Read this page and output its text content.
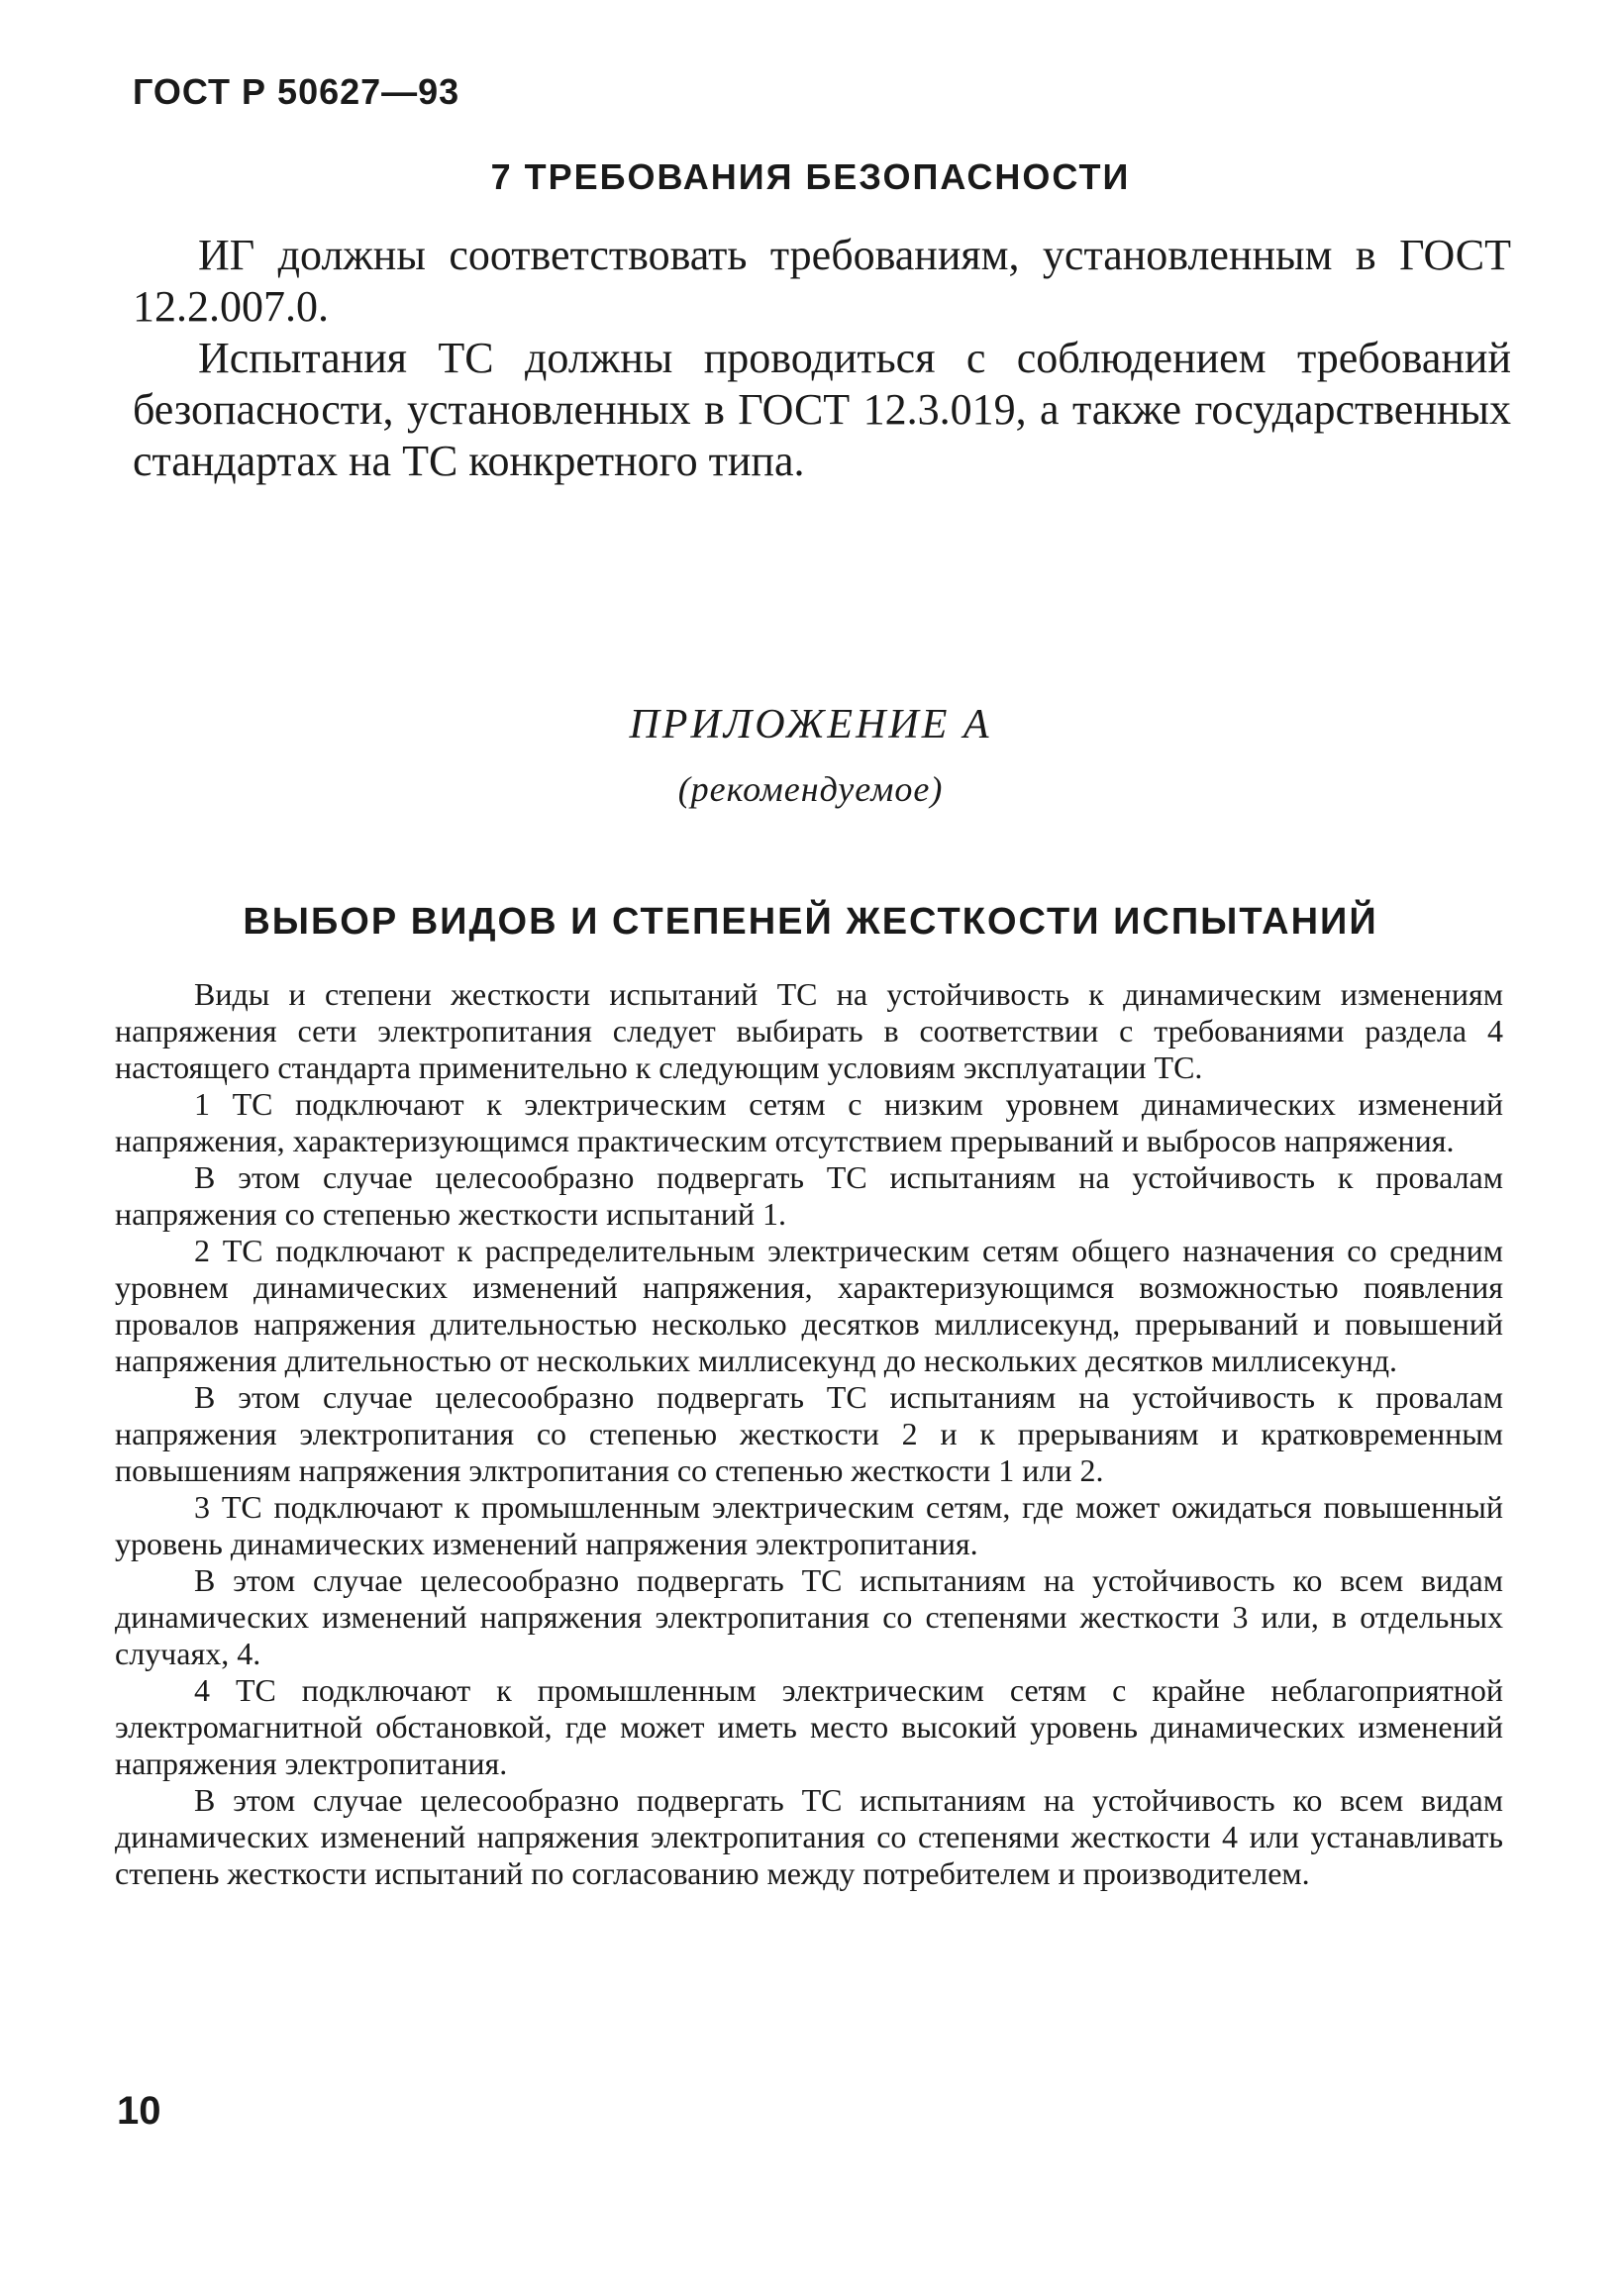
ГОСТ Р 50627—93
7 ТРЕБОВАНИЯ БЕЗОПАСНОСТИ

ИГ должны соответствовать требованиям, установленным в ГОСТ 12.2.007.0.

Испытания ТС должны проводиться с соблюдением требований безопасности, установленных в ГОСТ 12.3.019, а также государственных стандартах на ТС конкретного типа.

ПРИЛОЖЕНИЕ А
(рекомендуемое)
ВЫБОР ВИДОВ И СТЕПЕНЕЙ ЖЕСТКОСТИ ИСПЫТАНИЙ

Виды и степени жесткости испытаний ТС на устойчивость к динамическим изменениям напряжения сети электропитания следует выбирать в соответствии с требованиями раздела 4 настоящего стандарта применительно к следующим условиям эксплуатации ТС.

1 ТС подключают к электрическим сетям с низким уровнем динамических изменений напряжения, характеризующимся практическим отсутствием прерываний и выбросов напряжения.

В этом случае целесообразно подвергать ТС испытаниям на устойчивость к провалам напряжения со степенью жесткости испытаний 1.

2 ТС подключают к распределительным электрическим сетям общего назначения со средним уровнем динамических изменений напряжения, характеризующимся возможностью появления провалов напряжения длительностью несколько десятков миллисекунд, прерываний и повышений напряжения длительностью от нескольких миллисекунд до нескольких десятков миллисекунд.

В этом случае целесообразно подвергать ТС испытаниям на устойчивость к провалам напряжения электропитания со степенью жесткости 2 и к прерываниям и кратковременным повышениям напряжения элктропитания со степенью жесткости 1 или 2.

3 ТС подключают к промышленным электрическим сетям, где может ожидаться повышенный уровень динамических изменений напряжения электропитания.

В этом случае целесообразно подвергать ТС испытаниям на устойчивость ко всем видам динамических изменений напряжения электропитания со степенями жесткости 3 или, в отдельных случаях, 4.

4 ТС подключают к промышленным электрическим сетям с крайне неблагоприятной электромагнитной обстановкой, где может иметь место высокий уровень динамических изменений напряжения электропитания.

В этом случае целесообразно подвергать ТС испытаниям на устойчивость ко всем видам динамических изменений напряжения электропитания со степенями жесткости 4 или устанавливать степень жесткости испытаний по согласованию между потребителем и производителем.

10
